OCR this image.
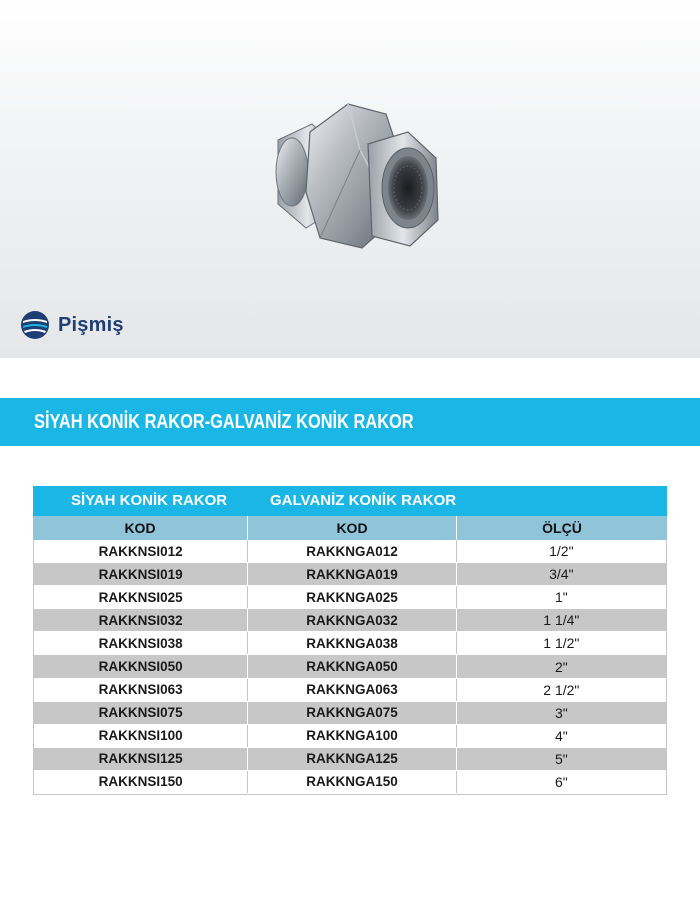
Pişmiş
SİYAH KONİK RAKOR-GALVANİZ KONİK RAKOR
SİYAH KONİK RAKOR	GALVANİZ KONİK RAKOR
KOD	KOD	ÖLÇÜ
RAKKNSI012	RAKKNGA012	1/2"
RAKKNSI019	RAKKNGA019	3/4"
RAKKNSI025	RAKKNGA025	1"
RAKKNSI032	RAKKNGA032	1 1/4"
RAKKNSI038	RAKKNGA038	1 1/2"
RAKKNSI050	RAKKNGA050	2"
RAKKNSI063	RAKKNGA063	2 1/2"
RAKKNSI075	RAKKNGA075	3"
RAKKNSI100	RAKKNGA100	4"
RAKKNSI125	RAKKNGA125	5"
RAKKNSI150	RAKKNGA150	6"
